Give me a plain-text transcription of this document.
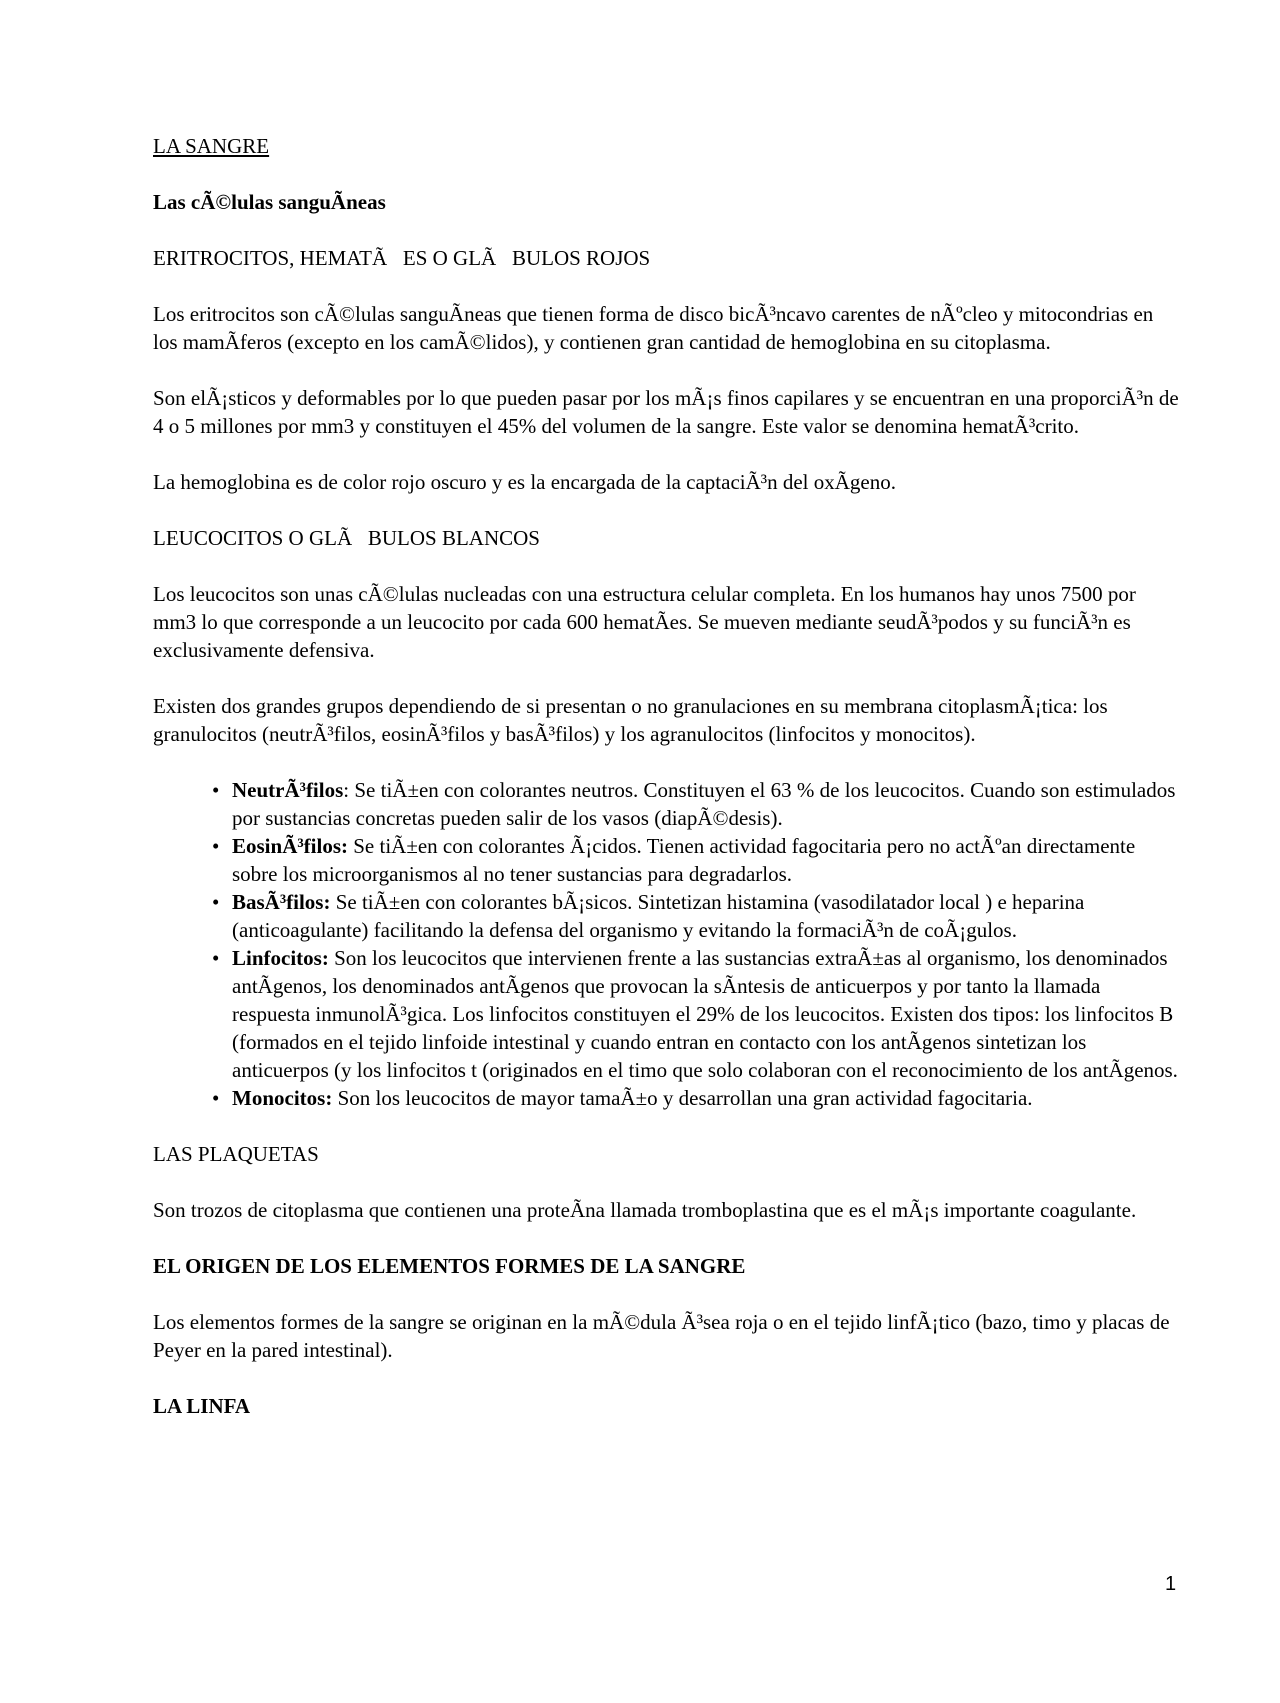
LA SANGRE

Las cÃ©lulas sanguÃneas

ERITROCITOS, HEMATÃ   ES O GLÃ   BULOS ROJOS

Los eritrocitos son cÃ©lulas sanguÃneas que tienen forma de disco bicÃ³ncavo carentes de nÃºcleo y mitocondrias en los mamÃferos (excepto en los camÃ©lidos), y contienen gran cantidad de hemoglobina en su citoplasma.

Son elÃ¡sticos y deformables por lo que pueden pasar por los mÃ¡s finos capilares y se encuentran en una proporciÃ³n de 4 o 5 millones por mm3 y constituyen el 45% del volumen de la sangre. Este valor se denomina hematÃ³crito.

La hemoglobina es de color rojo oscuro y es la encargada de la captaciÃ³n del oxÃgeno.

LEUCOCITOS O GLÃ   BULOS BLANCOS

Los leucocitos son unas cÃ©lulas nucleadas con una estructura celular completa. En los humanos hay unos 7500 por mm3 lo que corresponde a un leucocito por cada 600 hematÃes. Se mueven mediante seudÃ³podos y su funciÃ³n es exclusivamente defensiva.

Existen dos grandes grupos dependiendo de si presentan o no granulaciones en su membrana citoplasmÃ¡tica: los granulocitos (neutrÃ³filos, eosinÃ³filos y basÃ³filos) y los agranulocitos (linfocitos y monocitos).

• NeutrÃ³filos: Se tiÃ±en con colorantes neutros. Constituyen el 63 % de los leucocitos. Cuando son estimulados por sustancias concretas pueden salir de los vasos (diapÃ©desis).
• EosinÃ³filos: Se tiÃ±en con colorantes Ã¡cidos. Tienen actividad fagocitaria pero no actÃºan directamente sobre los microorganismos al no tener sustancias para degradarlos.
• BasÃ³filos: Se tiÃ±en con colorantes bÃ¡sicos. Sintetizan histamina (vasodilatador local ) e heparina (anticoagulante) facilitando la defensa del organismo y evitando la formaciÃ³n de coÃ¡gulos.
• Linfocitos: Son los leucocitos que intervienen frente a las sustancias extraÃ±as al organismo, los denominados antÃgenos, los denominados antÃgenos que provocan la sÃntesis de anticuerpos y por tanto la llamada respuesta inmunolÃ³gica. Los linfocitos constituyen el 29% de los leucocitos. Existen dos tipos: los linfocitos B (formados en el tejido linfoide intestinal y cuando entran en contacto con los antÃgenos sintetizan los anticuerpos (y los linfocitos t (originados en el timo que solo colaboran con el reconocimiento de los antÃgenos.
• Monocitos: Son los leucocitos de mayor tamaÃ±o y desarrollan una gran actividad fagocitaria.

LAS PLAQUETAS

Son trozos de citoplasma que contienen una proteÃna llamada tromboplastina que es el mÃ¡s importante coagulante.

EL ORIGEN DE LOS ELEMENTOS FORMES DE LA SANGRE

Los elementos formes de la sangre se originan en la mÃ©dula Ã³sea roja o en el tejido linfÃ¡tico (bazo, timo y placas de Peyer en la pared intestinal).

LA LINFA

1
